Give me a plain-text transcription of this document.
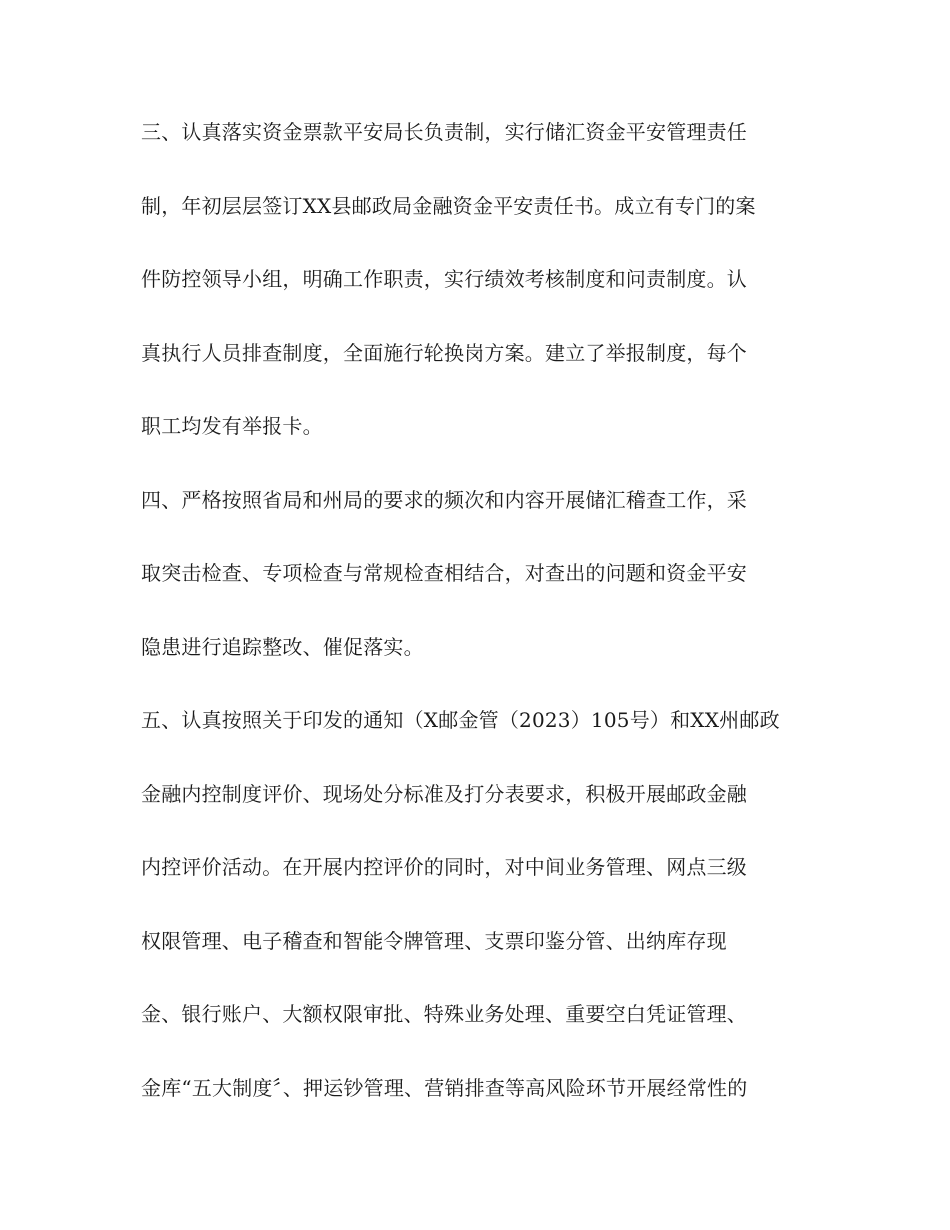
三、认真落实资金票款平安局长负责制，实行储汇资金平安管理责任
制，年初层层签订XX县邮政局金融资金平安责任书。成立有专门的案
件防控领导小组，明确工作职责，实行绩效考核制度和问责制度。认
真执行人员排查制度，全面施行轮换岗方案。建立了举报制度，每个
职工均发有举报卡。
四、严格按照省局和州局的要求的频次和内容开展储汇稽查工作，采
取突击检查、专项检查与常规检查相结合，对查出的问题和资金平安
隐患进行追踪整改、催促落实。
五、认真按照关于印发的通知（X邮金管（2023）105号）和XX州邮政
金融内控制度评价、现场处分标准及打分表要求，积极开展邮政金融
内控评价活动。在开展内控评价的同时，对中间业务管理、网点三级
权限管理、电子稽查和智能令牌管理、支票印鉴分管、出纳库存现
金、银行账户、大额权限审批、特殊业务处理、重要空白凭证管理、
金库“五大制度〞、押运钞管理、营销排查等高风险环节开展经常性的
